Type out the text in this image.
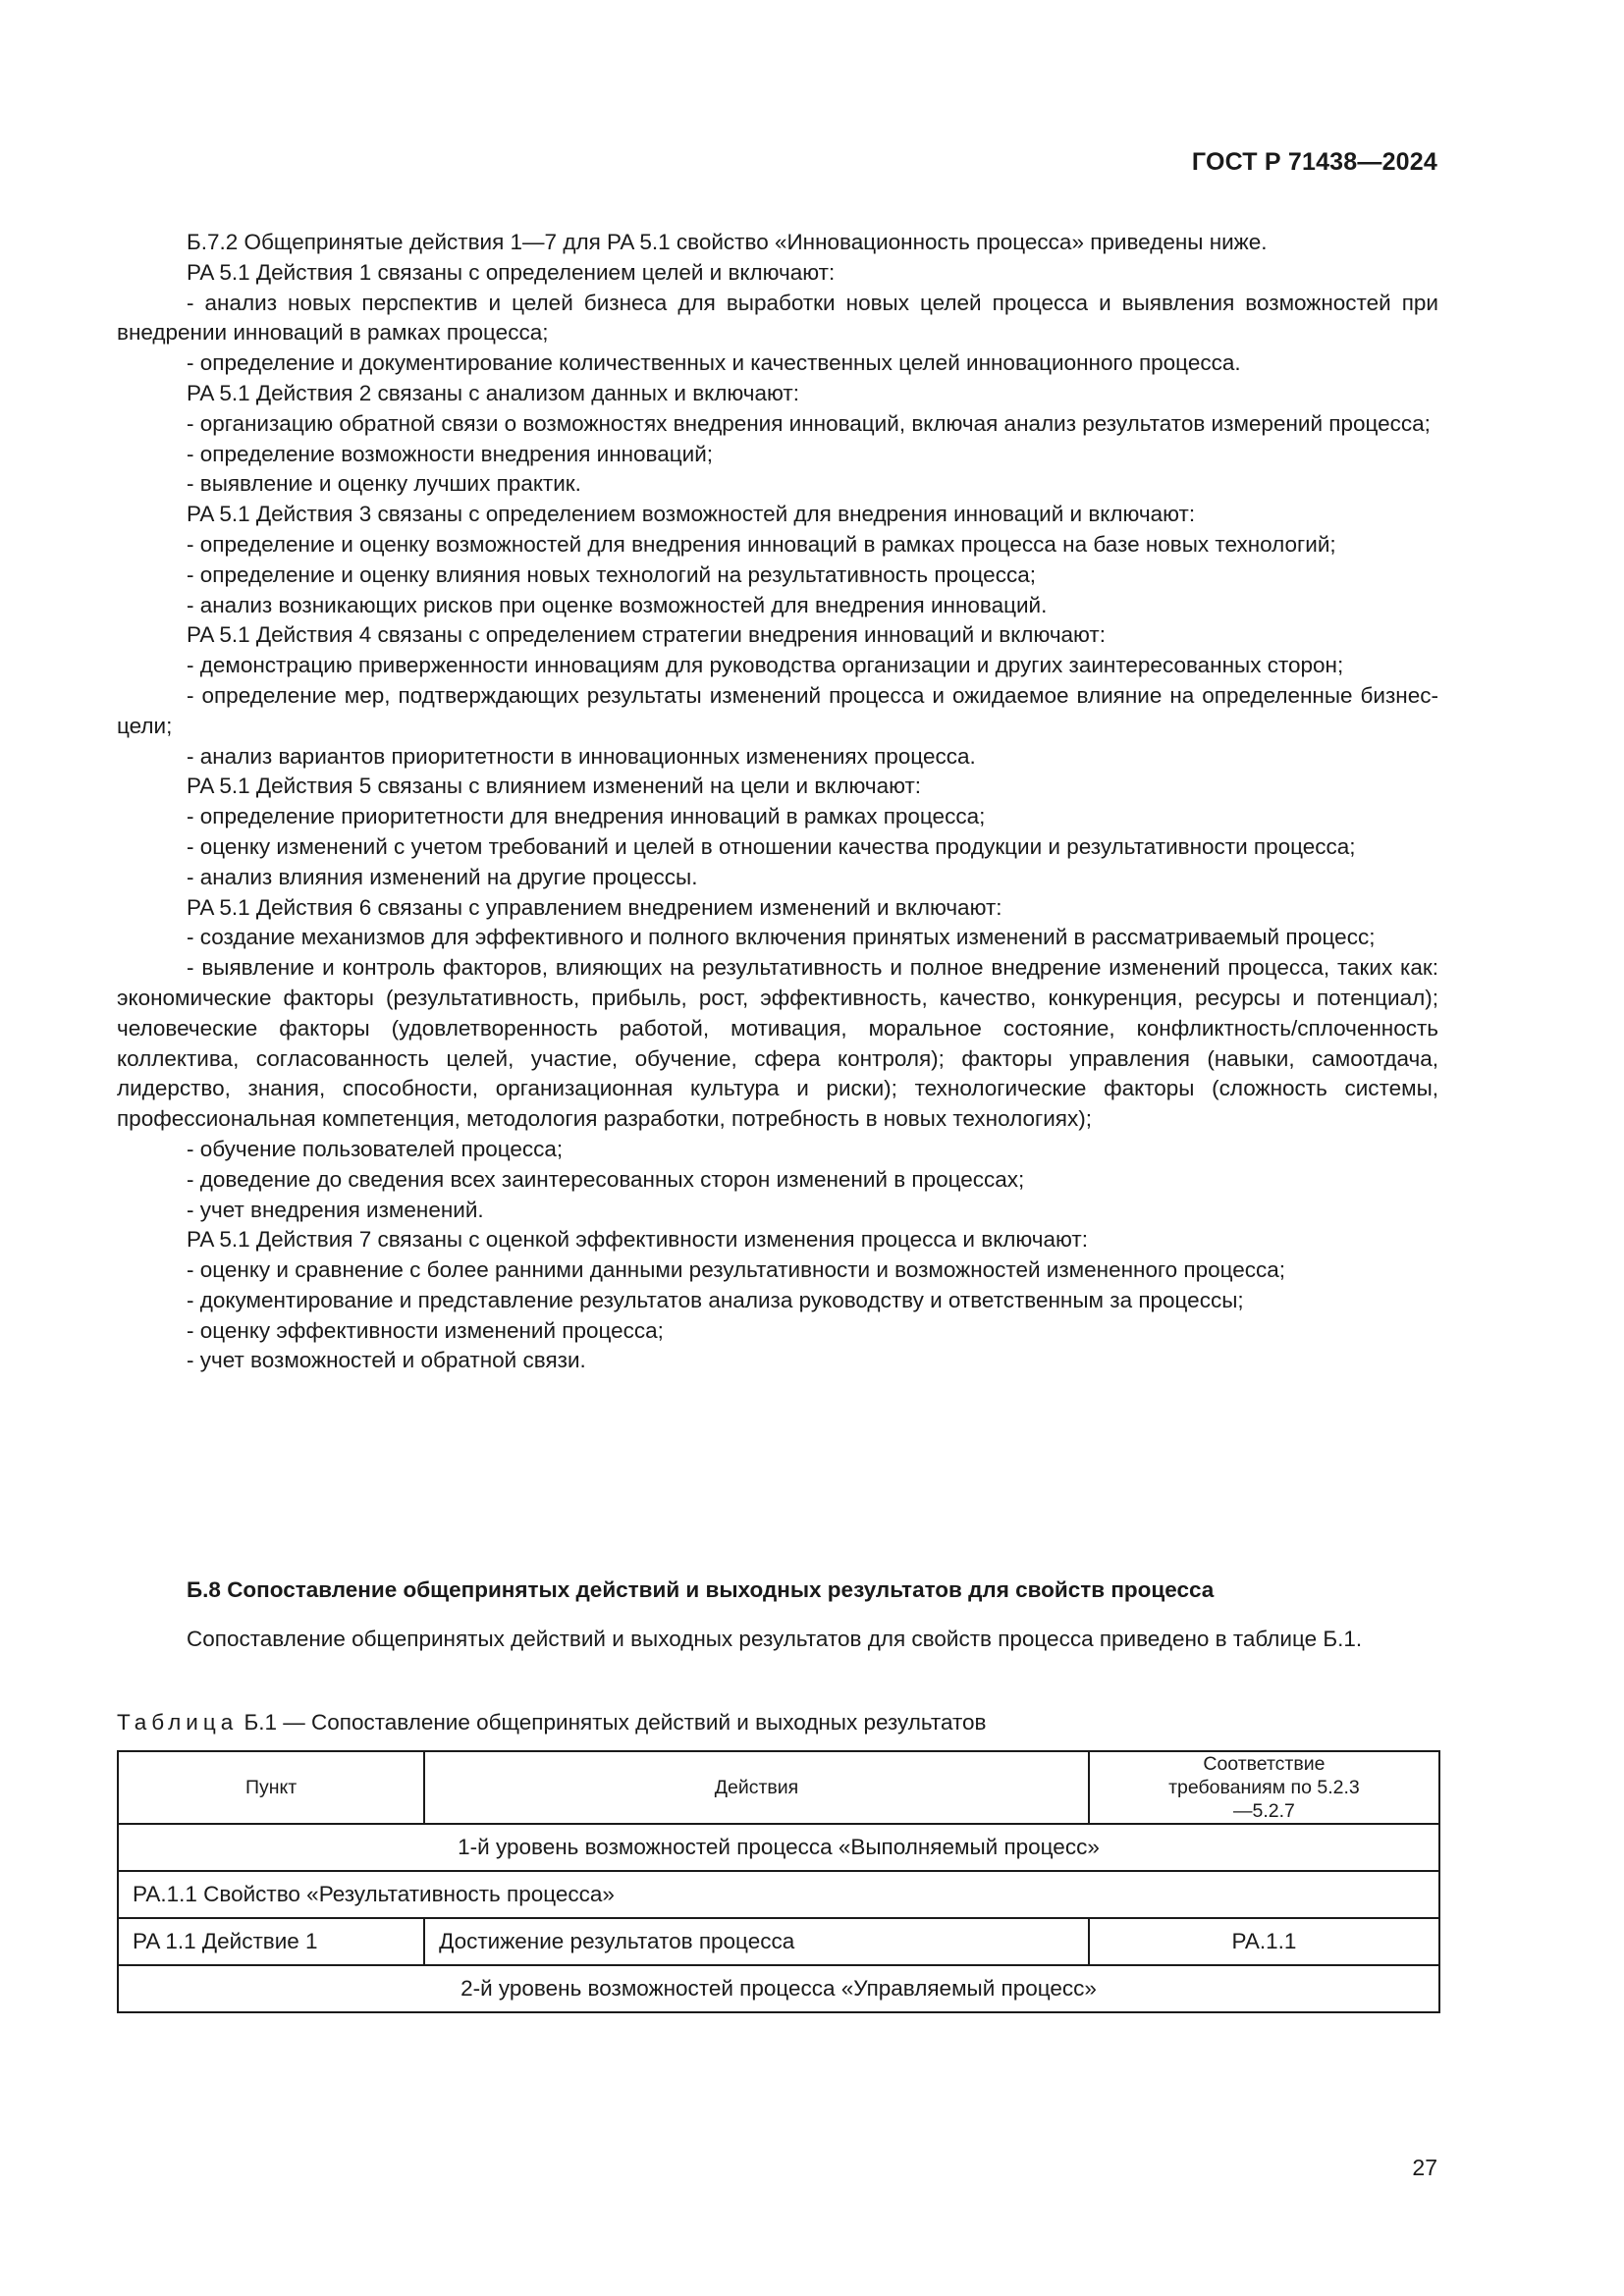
ГОСТ Р 71438—2024

Б.7.2 Общепринятые действия 1—7 для PA 5.1 свойство «Инновационность процесса» приведены ниже.

PA 5.1 Действия 1 связаны с определением целей и включают:

- анализ новых перспектив и целей бизнеса для выработки новых целей процесса и выявления возможностей при внедрении инноваций в рамках процесса;

- определение и документирование количественных и качественных целей инновационного процесса.

PA 5.1 Действия 2 связаны с анализом данных и включают:

- организацию обратной связи о возможностях внедрения инноваций, включая анализ результатов измерений процесса;

- определение возможности внедрения инноваций;

- выявление и оценку лучших практик.

PA 5.1 Действия 3 связаны с определением возможностей для внедрения инноваций и включают:

- определение и оценку возможностей для внедрения инноваций в рамках процесса на базе новых технологий;

- определение и оценку влияния новых технологий на результативность процесса;

- анализ возникающих рисков при оценке возможностей для внедрения инноваций.

PA 5.1 Действия 4 связаны с определением стратегии внедрения инноваций и включают:

- демонстрацию приверженности инновациям для руководства организации и других заинтересованных сторон;

- определение мер, подтверждающих результаты изменений процесса и ожидаемое влияние на определенные бизнес-цели;

- анализ вариантов приоритетности в инновационных изменениях процесса.

PA 5.1 Действия 5 связаны с влиянием изменений на цели и включают:

- определение приоритетности для внедрения инноваций в рамках процесса;

- оценку изменений с учетом требований и целей в отношении качества продукции и результативности процесса;

- анализ влияния изменений на другие процессы.

PA 5.1 Действия 6 связаны с управлением внедрением изменений и включают:

- создание механизмов для эффективного и полного включения принятых изменений в рассматриваемый процесс;

- выявление и контроль факторов, влияющих на результативность и полное внедрение изменений процесса, таких как: экономические факторы (результативность, прибыль, рост, эффективность, качество, конкуренция, ресурсы и потенциал); человеческие факторы (удовлетворенность работой, мотивация, моральное состояние, конфликтность/сплоченность коллектива, согласованность целей, участие, обучение, сфера контроля); факторы управления (навыки, самоотдача, лидерство, знания, способности, организационная культура и риски); технологические факторы (сложность системы, профессиональная компетенция, методология разработки, потребность в новых технологиях);

- обучение пользователей процесса;

- доведение до сведения всех заинтересованных сторон изменений в процессах;

- учет внедрения изменений.

PA 5.1 Действия 7 связаны с оценкой эффективности изменения процесса и включают:

- оценку и сравнение с более ранними данными результативности и возможностей измененного процесса;

- документирование и представление результатов анализа руководству и ответственным за процессы;

- оценку эффективности изменений процесса;

- учет возможностей и обратной связи.

Б.8 Сопоставление общепринятых действий и выходных результатов для свойств процесса
Сопоставление общепринятых действий и выходных результатов для свойств процесса приведено в таблице Б.1.
Таблица Б.1 — Сопоставление общепринятых действий и выходных результатов
Пункт	Действия	Соответствие требованиям по 5.2.3—5.2.7
1-й уровень возможностей процесса «Выполняемый процесс»		
PA.1.1 Свойство «Результативность процесса»		
PA 1.1 Действие 1	Достижение результатов процесса	PA.1.1
2-й уровень возможностей процесса «Управляемый процесс»		
27
